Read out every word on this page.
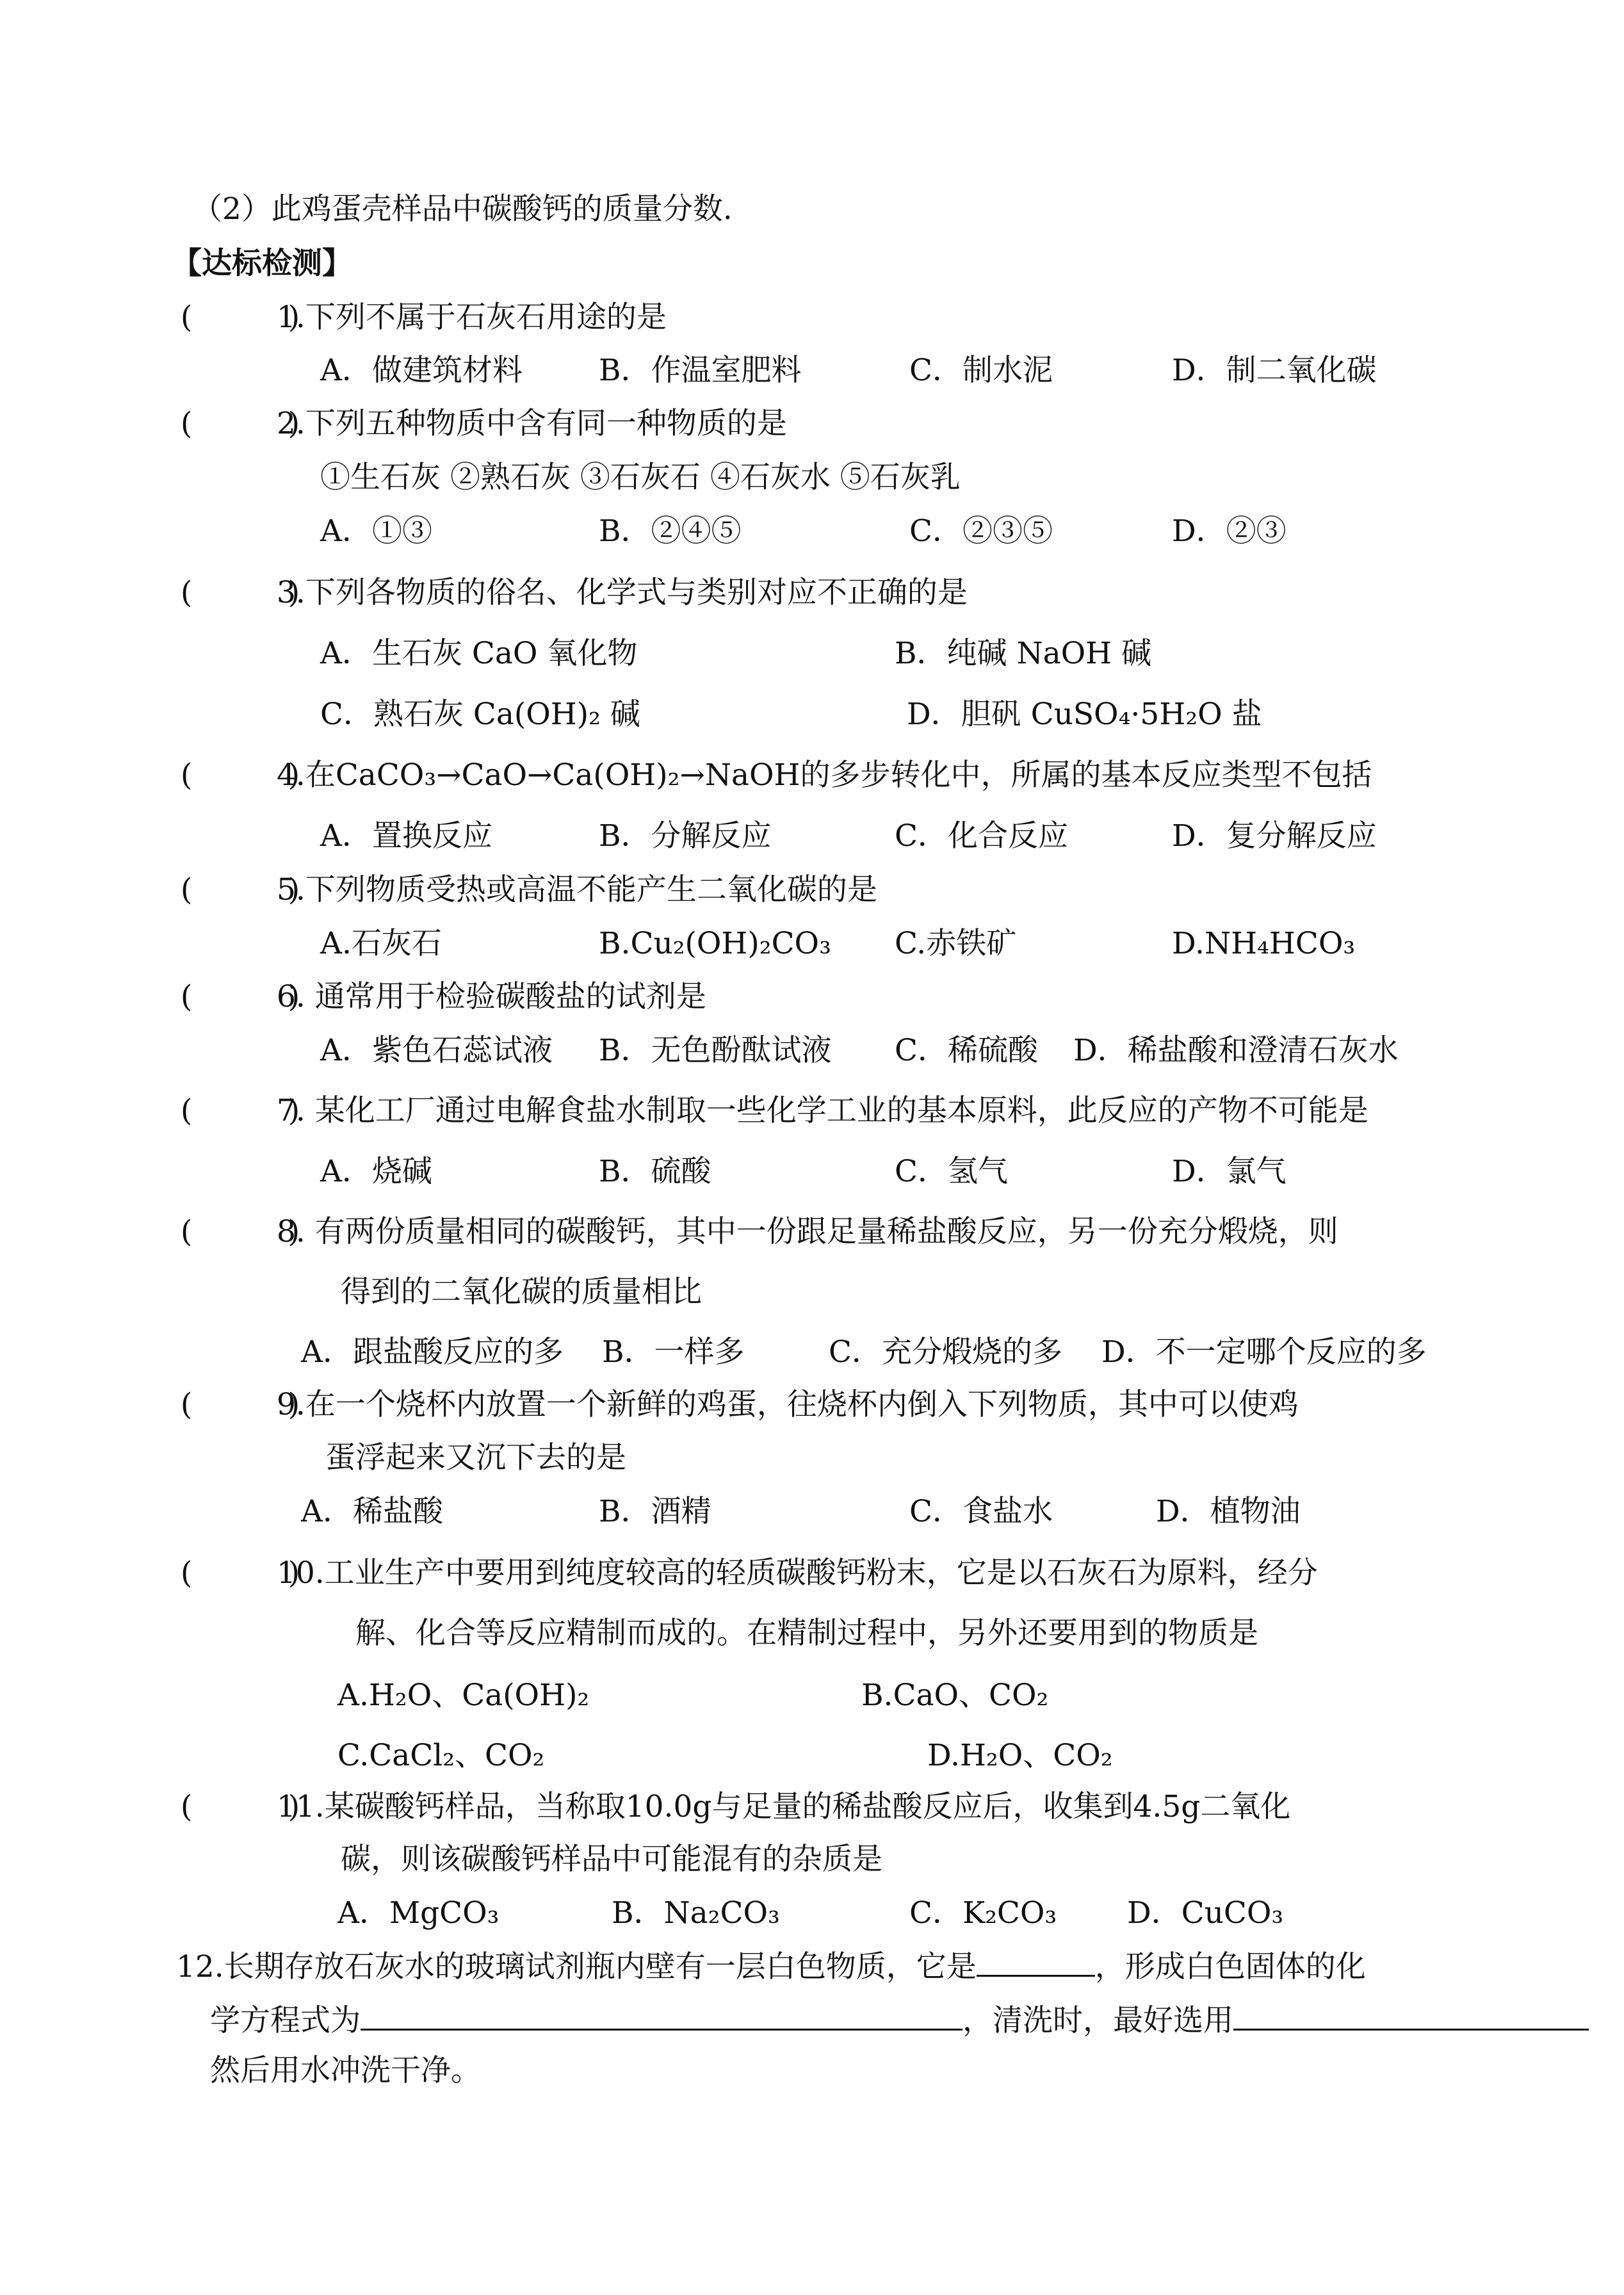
（2）此鸡蛋壳样品中碳酸钙的质量分数.
【达标检测】
(          )
1.下列不属于石灰石用途的是
A．做建筑材料	B．作温室肥料	C．制水泥	D．制二氧化碳
(          )
2.下列五种物质中含有同一种物质的是
①生石灰 ②熟石灰 ③石灰石 ④石灰水 ⑤石灰乳
A．①③	B．②④⑤	C．②③⑤	D．②③
(          )
3.下列各物质的俗名、化学式与类别对应不正确的是
A．生石灰 CaO 氧化物	B．纯碱 NaOH 碱
C．熟石灰 Ca(OH)₂ 碱	D．胆矾 CuSO₄·5H₂O 盐
(          )
4.在CaCO₃→CaO→Ca(OH)₂→NaOH的多步转化中，所属的基本反应类型不包括
A．置换反应	B．分解反应	C．化合反应	D．复分解反应
(          )
5.下列物质受热或高温不能产生二氧化碳的是
A.石灰石	B.Cu₂(OH)₂CO₃ C.赤铁矿	D.NH₄HCO₃
(          )
6. 通常用于检验碳酸盐的试剂是
A．紫色石蕊试液 B．无色酚酞试液 C．稀硫酸 D．稀盐酸和澄清石灰水
(          )
7. 某化工厂通过电解食盐水制取一些化学工业的基本原料，此反应的产物不可能是
A．烧碱	B．硫酸	C．氢气	D．氯气
(          )
8. 有两份质量相同的碳酸钙，其中一份跟足量稀盐酸反应，另一份充分煅烧，则
得到的二氧化碳的质量相比
A．跟盐酸反应的多 B．一样多	C．充分煅烧的多 D．不一定哪个反应的多
(          )
9.在一个烧杯内放置一个新鲜的鸡蛋，往烧杯内倒入下列物质，其中可以使鸡
蛋浮起来又沉下去的是
A．稀盐酸	B．酒精	C．食盐水	D．植物油
(          )
10.工业生产中要用到纯度较高的轻质碳酸钙粉末，它是以石灰石为原料，经分
解、化合等反应精制而成的。在精制过程中，另外还要用到的物质是
A.H₂O、Ca(OH)₂	B.CaO、CO₂
C.CaCl₂、CO₂	D.H₂O、CO₂
(          )
11.某碳酸钙样品，当称取10.0g与足量的稀盐酸反应后，收集到4.5g二氧化
碳，则该碳酸钙样品中可能混有的杂质是
A．MgCO₃	B．Na₂CO₃	C．K₂CO₃ D．CuCO₃
12.长期存放石灰水的玻璃试剂瓶内壁有一层白色物质，它是	，形成白色固体的化
学方程式为	，清洗时，最好选用
然后用水冲洗干净。
